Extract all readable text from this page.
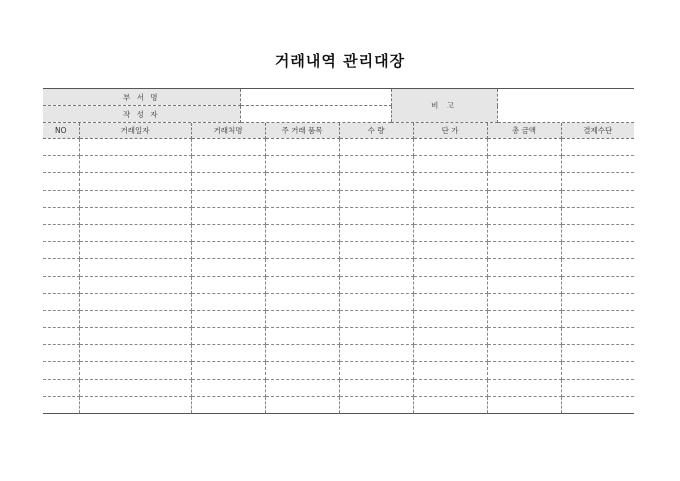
거래내역 관리대장
부 서 명		비 고	
작 성 자			
NO	거래일자	거래처명	주 거래 품목	수 량	단 가	총 금액	결제수단
